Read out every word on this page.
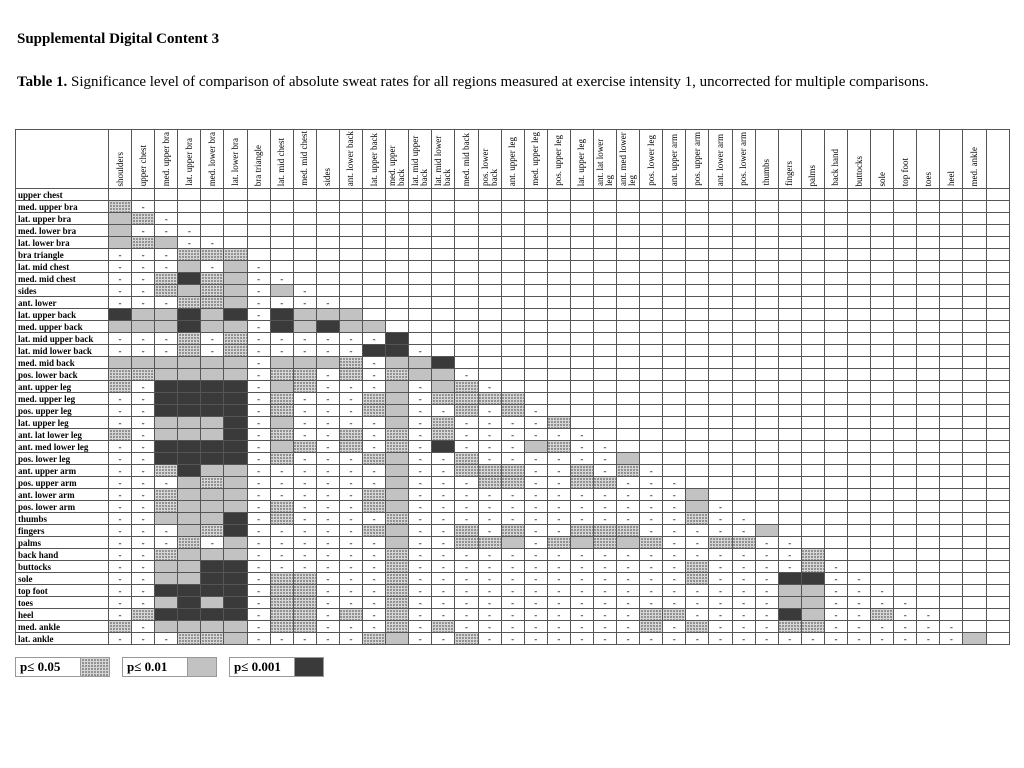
Supplemental Digital Content 3
Table 1. Significance level of comparison of absolute sweat rates for all regions measured at exercise intensity 1, uncorrected for multiple comparisons.
	shoulders	upper chest	med. upper bra	lat. upper bra	med. lower bra	lat. lower bra	bra triangle	lat. mid chest	med. mid chest	sides	ant. lower back	lat. upper back	med. upper back	lat. mid upper back	lat. mid lower back	med. mid back	pos. lower back	ant. upper leg	med. upper leg	pos. upper leg	lat. upper leg	ant. lat lower leg	ant. med lower leg	pos. lower leg	ant. upper arm	pos. upper arm	ant. lower arm	pos. lower arm	thumbs	fingers	palms	back hand	buttocks	sole	top foot	toes	heel	med. ankle	
upper chest																																							
med. upper bra		-																																					
lat. upper bra			-																																				
med. lower bra		-	-	-																																			
lat. lower bra				-	-																																		
bra triangle	-	-	-																																				
lat. mid chest	-	-	-		-		-																																
med. mid chest	-	-					-	-																															
sides	-	-					-		-																														
ant. lower	-	-	-				-	-	-	-																													
lat. upper back							-																																
med. upper back							-																																
lat. mid upper back	-	-	-		-		-	-	-	-	-	-																											
lat. mid lower back	-	-	-		-		-	-	-	-	-			-																									
med. mid back							-					-																											
pos. lower back							-			-		-				-																							
ant. upper leg		-					-			-	-	-		-			-																						
med. upper leg	-	-					-		-	-	-			-																									
pos. upper leg	-	-					-		-	-	-			-	-		-		-																				
lat. upper leg	-	-					-		-	-	-	-		-		-	-	-	-																				
ant. lat lower leg		-					-		-	-		-		-		-	-	-	-	-	-																		
ant. med lower leg	-	-					-			-		-		-		-	-	-			-	-																	
pos. lower leg	-	-					-		-	-	-			-	-		-	-	-	-	-	-																	
ant. upper arm	-	-					-	-	-	-	-	-		-	-				-	-		-		-															
pos. upper arm	-	-	-				-	-	-	-	-	-		-	-	-			-	-			-	-	-														
ant. lower arm	-	-					-	-	-	-	-			-	-	-	-	-	-	-	-	-	-	-	-														
pos. lower arm	-	-					-		-	-	-			-	-	-	-	-	-	-	-	-	-	-	-		-												
thumbs	-	-					-		-	-	-	-		-	-	-	-	-	-	-	-	-	-	-	-		-	-											
fingers	-	-	-				-	-	-	-	-			-	-		-		-	-				-	-	-	-	-											
palms	-	-	-		-		-	-	-	-	-	-		-	-				-						-	-			-	-									
back hand	-	-					-	-	-	-	-	-		-	-	-	-	-	-	-	-	-	-	-	-	-	-	-	-	-									
buttocks	-	-					-	-	-	-	-	-		-	-	-	-	-	-	-	-	-	-	-	-		-	-	-	-		-							
sole	-	-					-			-	-	-		-	-	-	-	-	-	-	-	-	-	-	-		-	-	-			-	-						
top foot	-	-					-			-	-	-		-	-	-	-	-	-	-	-	-	-	-	-	-	-	-	-			-	-	-					
toes	-	-					-			-	-	-		-	-	-	-	-	-	-	-	-	-	-	-	-	-	-	-			-	-	-	-				
heel	-						-			-		-		-	-	-	-	-	-	-	-	-	-			-	-	-	-			-	-		-	-			
med. ankle		-					-			-	-	-		-		-	-	-	-	-	-	-	-		-		-	-	-			-	-	-	-	-	-		
lat. ankle	-	-	-				-	-	-	-	-			-	-		-	-	-	-	-	-	-	-	-	-	-	-	-	-	-	-	-	-	-	-	-		
p≤ 0.05			p≤ 0.01			p≤ 0.001	
